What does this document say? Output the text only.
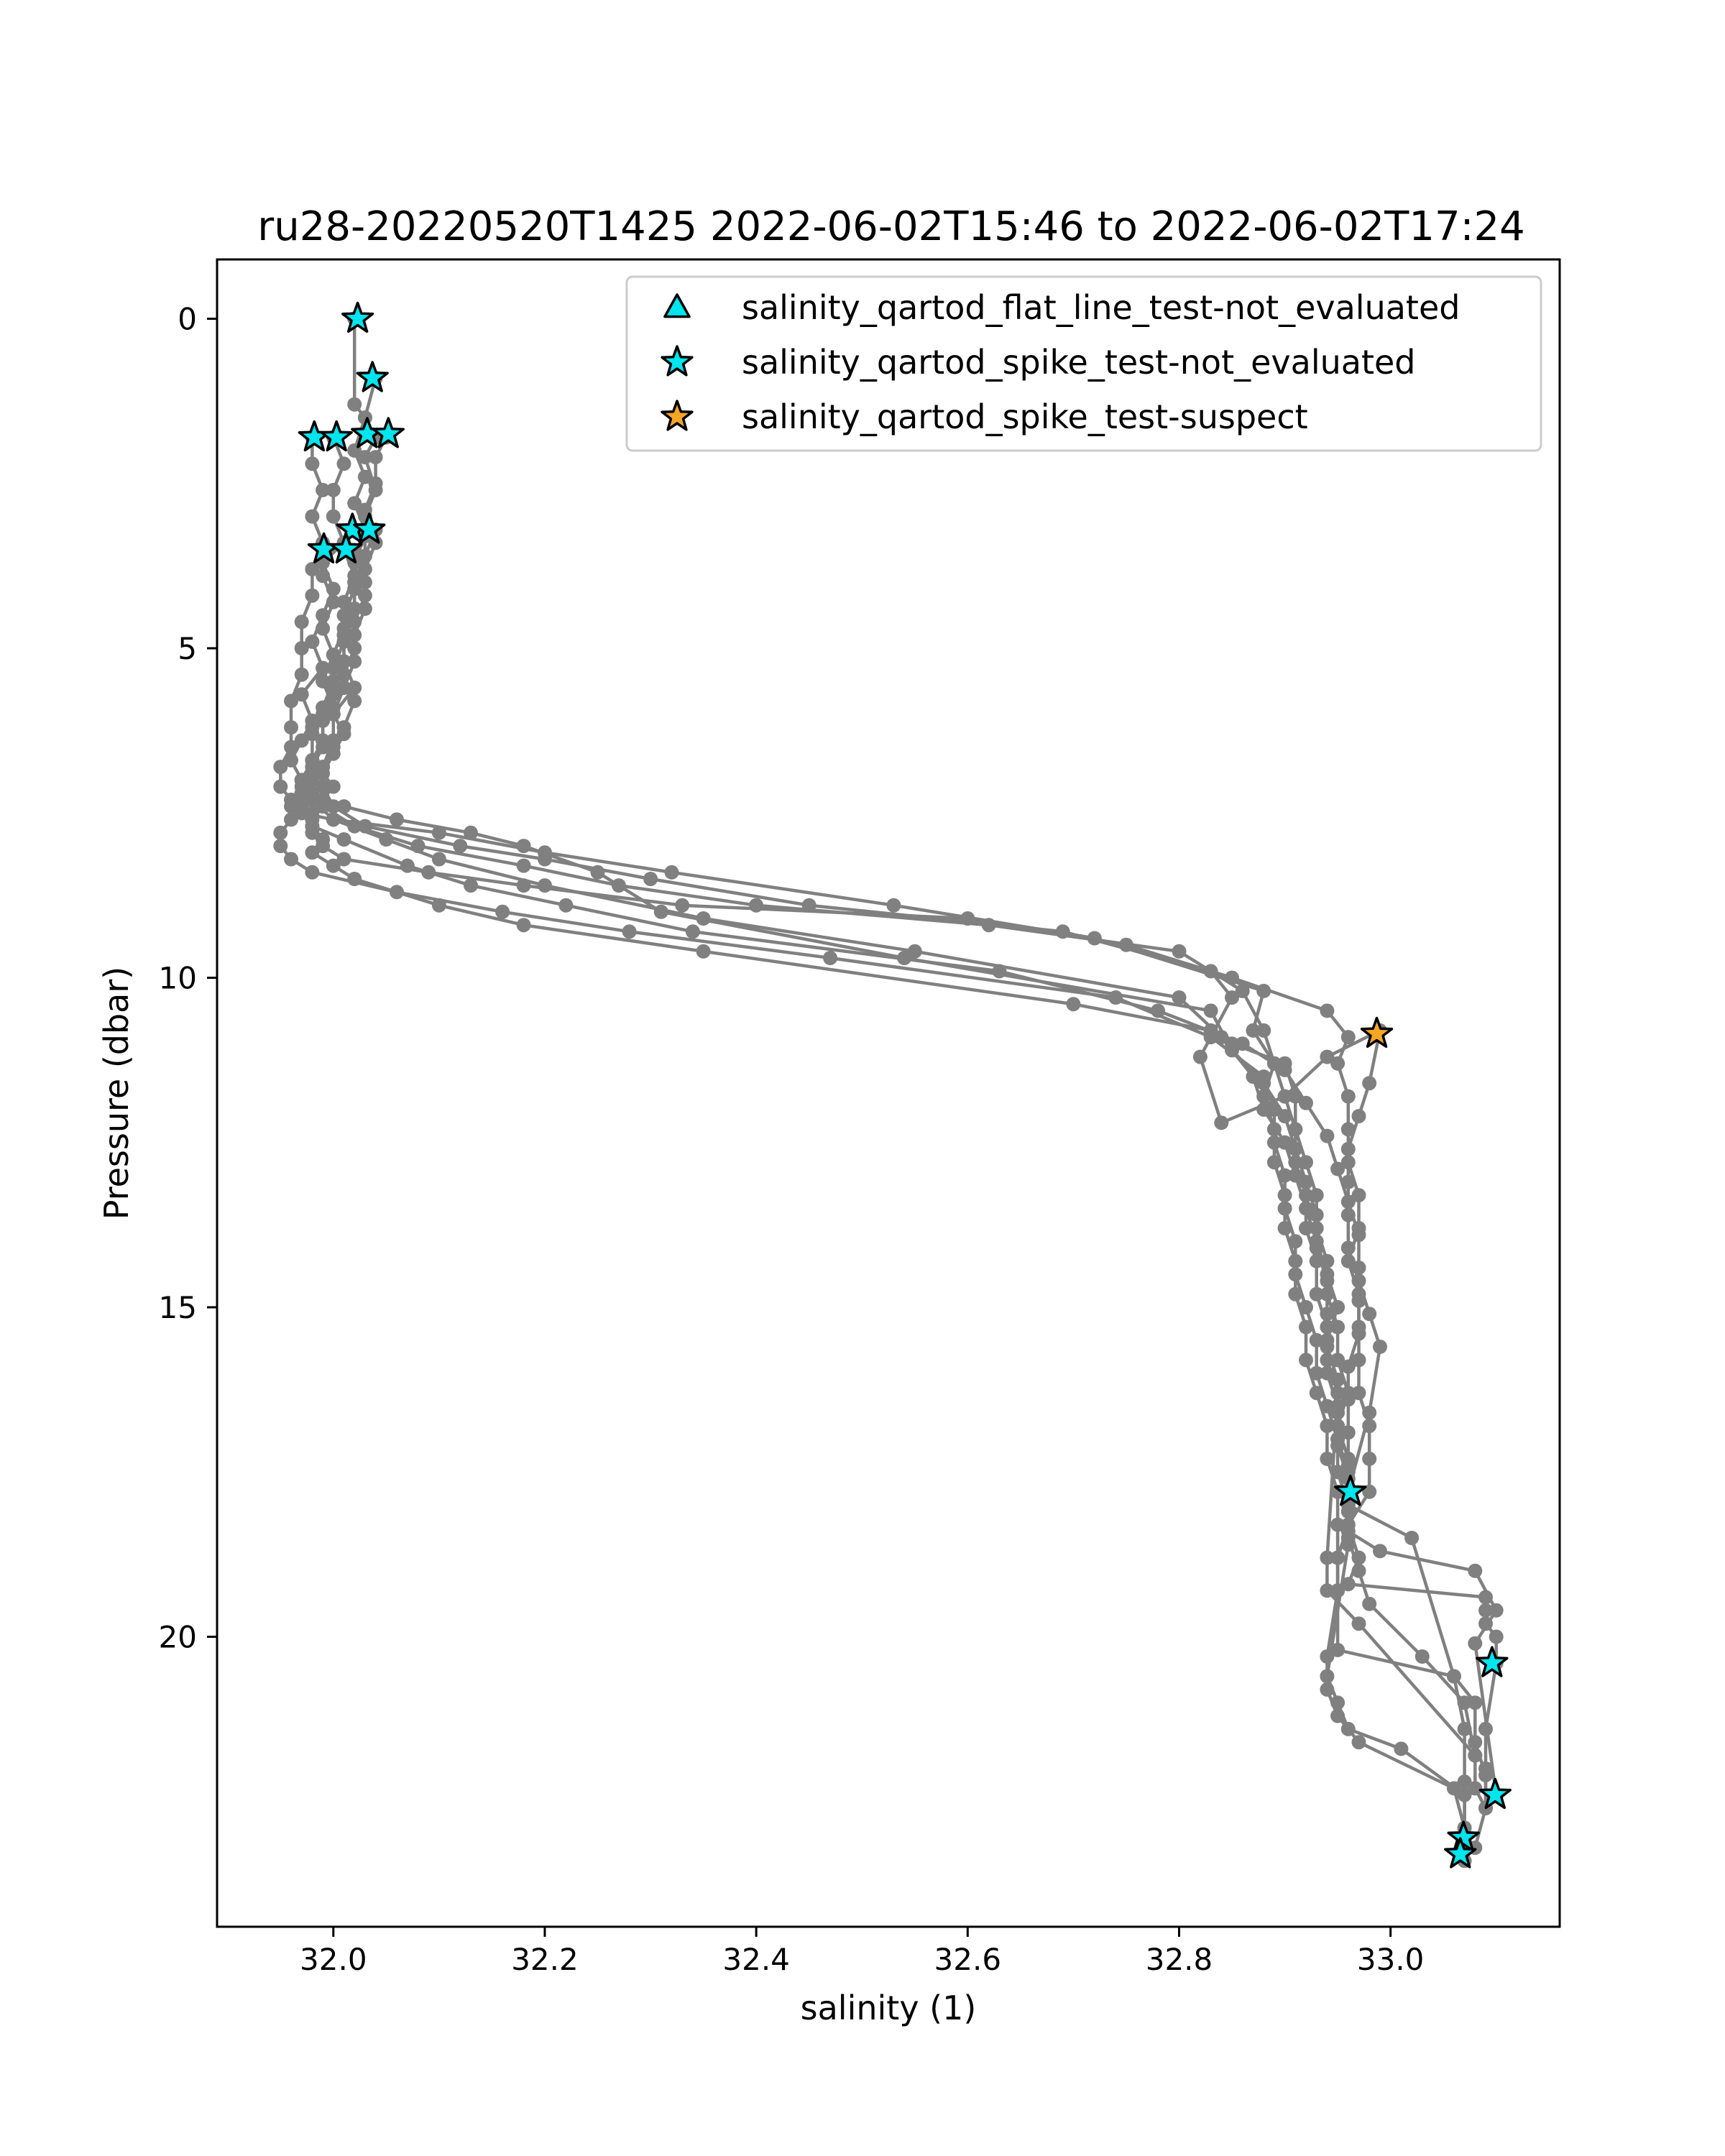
ru28-20220520T1425 2022-06-02T15:46 to 2022-06-02T17:24
32.0	32.2	32.4	32.6	32.8	33.0
0
5
10
15
20
salinity (1)
Pressure (dbar)
salinity_qartod_flat_line_test-not_evaluated
salinity_qartod_spike_test-not_evaluated
salinity_qartod_spike_test-suspect
